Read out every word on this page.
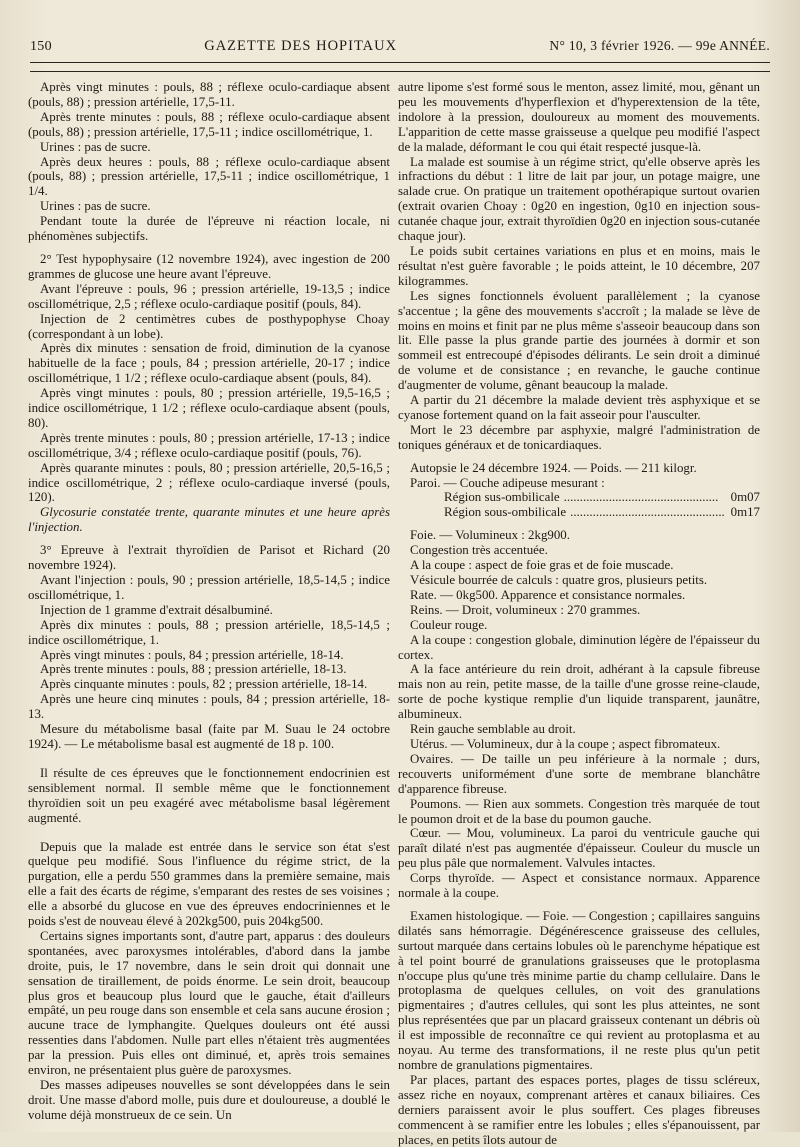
150	GAZETTE DES HOPITAUX	N° 10, 3 février 1926. — 99e ANNÉE.

Après vingt minutes : pouls, 88 ; réflexe oculo-cardiaque absent (pouls, 88) ; pression artérielle, 17,5-11.

Après trente minutes : pouls, 88 ; réflexe oculo-cardiaque absent (pouls, 88) ; pression artérielle, 17,5-11 ; indice oscillométrique, 1.

Urines : pas de sucre.

Après deux heures : pouls, 88 ; réflexe oculo-cardiaque absent (pouls, 88) ; pression artérielle, 17,5-11 ; indice oscillométrique, 1 1/4.

Urines : pas de sucre.

Pendant toute la durée de l'épreuve ni réaction locale, ni phénomènes subjectifs.

2° Test hypophysaire (12 novembre 1924), avec ingestion de 200 grammes de glucose une heure avant l'épreuve.

Avant l'épreuve : pouls, 96 ; pression artérielle, 19-13,5 ; indice oscillométrique, 2,5 ; réflexe oculo-cardiaque positif (pouls, 84).

Injection de 2 centimètres cubes de posthypophyse Choay (correspondant à un lobe).

Après dix minutes : sensation de froid, diminution de la cyanose habituelle de la face ; pouls, 84 ; pression artérielle, 20-17 ; indice oscillométrique, 1 1/2 ; réflexe oculo-cardiaque absent (pouls, 84).

Après vingt minutes : pouls, 80 ; pression artérielle, 19,5-16,5 ; indice oscillométrique, 1 1/2 ; réflexe oculo-cardiaque absent (pouls, 80).

Après trente minutes : pouls, 80 ; pression artérielle, 17-13 ; indice oscillométrique, 3/4 ; réflexe oculo-cardiaque positif (pouls, 76).

Après quarante minutes : pouls, 80 ; pression artérielle, 20,5-16,5 ; indice oscillométrique, 2 ; réflexe oculo-cardiaque inversé (pouls, 120).

Glycosurie constatée trente, quarante minutes et une heure après l'injection.

3° Epreuve à l'extrait thyroïdien de Parisot et Richard (20 novembre 1924).

Avant l'injection : pouls, 90 ; pression artérielle, 18,5-14,5 ; indice oscillométrique, 1.

Injection de 1 gramme d'extrait désalbuminé.

Après dix minutes : pouls, 88 ; pression artérielle, 18,5-14,5 ; indice oscillométrique, 1.

Après vingt minutes : pouls, 84 ; pression artérielle, 18-14.

Après trente minutes : pouls, 88 ; pression artérielle, 18-13.

Après cinquante minutes : pouls, 82 ; pression artérielle, 18-14.

Après une heure cinq minutes : pouls, 84 ; pression artérielle, 18-13.

Mesure du métabolisme basal (faite par M. Suau le 24 octobre 1924). — Le métabolisme basal est augmenté de 18 p. 100.

Il résulte de ces épreuves que le fonctionnement endocrinien est sensiblement normal. Il semble même que le fonctionnement thyroïdien soit un peu exagéré avec métabolisme basal légèrement augmenté.

Depuis que la malade est entrée dans le service son état s'est quelque peu modifié. Sous l'influence du régime strict, de la purgation, elle a perdu 550 grammes dans la première semaine, mais elle a fait des écarts de régime, s'emparant des restes de ses voisines ; elle a absorbé du glucose en vue des épreuves endocriniennes et le poids s'est de nouveau élevé à 202kg500, puis 204kg500.

Certains signes importants sont, d'autre part, apparus : des douleurs spontanées, avec paroxysmes intolérables, d'abord dans la jambe droite, puis, le 17 novembre, dans le sein droit qui donnait une sensation de tiraillement, de poids énorme. Le sein droit, beaucoup plus gros et beaucoup plus lourd que le gauche, était d'ailleurs empâté, un peu rouge dans son ensemble et cela sans aucune érosion ; aucune trace de lymphangite. Quelques douleurs ont été aussi ressenties dans l'abdomen. Nulle part elles n'étaient très augmentées par la pression. Puis elles ont diminué, et, après trois semaines environ, ne présentaient plus guère de paroxysmes.

Des masses adipeuses nouvelles se sont développées dans le sein droit. Une masse d'abord molle, puis dure et douloureuse, a doublé le volume déjà monstrueux de ce sein. Un

autre lipome s'est formé sous le menton, assez limité, mou, gênant un peu les mouvements d'hyperflexion et d'hyperextension de la tête, indolore à la pression, douloureux au moment des mouvements. L'apparition de cette masse graisseuse a quelque peu modifié l'aspect de la malade, déformant le cou qui était respecté jusque-là.

La malade est soumise à un régime strict, qu'elle observe après les infractions du début : 1 litre de lait par jour, un potage maigre, une salade crue. On pratique un traitement opothérapique surtout ovarien (extrait ovarien Choay : 0g20 en ingestion, 0g10 en injection sous-cutanée chaque jour, extrait thyroïdien 0g20 en injection sous-cutanée chaque jour).

Le poids subit certaines variations en plus et en moins, mais le résultat n'est guère favorable ; le poids atteint, le 10 décembre, 207 kilogrammes.

Les signes fonctionnels évoluent parallèlement ; la cyanose s'accentue ; la gêne des mouvements s'accroît ; la malade se lève de moins en moins et finit par ne plus même s'asseoir beaucoup dans son lit. Elle passe la plus grande partie des journées à dormir et son sommeil est entrecoupé d'épisodes délirants. Le sein droit a diminué de volume et de consistance ; en revanche, le gauche continue d'augmenter de volume, gênant beaucoup la malade.

A partir du 21 décembre la malade devient très asphyxique et se cyanose fortement quand on la fait asseoir pour l'ausculter.

Mort le 23 décembre par asphyxie, malgré l'administration de toniques généraux et de tonicardiaques.

Autopsie le 24 décembre 1924. — Poids. — 211 kilogr.

Paroi. — Couche adipeuse mesurant :

Région sus-ombilicale .....	0m07
Région sous-ombilicale .....	0m17

Foie. — Volumineux : 2kg900.

Congestion très accentuée.

A la coupe : aspect de foie gras et de foie muscade.

Vésicule bourrée de calculs : quatre gros, plusieurs petits.

Rate. — 0kg500. Apparence et consistance normales.

Reins. — Droit, volumineux : 270 grammes.

Couleur rouge.

A la coupe : congestion globale, diminution légère de l'épaisseur du cortex.

A la face antérieure du rein droit, adhérant à la capsule fibreuse mais non au rein, petite masse, de la taille d'une grosse reine-claude, sorte de poche kystique remplie d'un liquide transparent, jaunâtre, albumineux.

Rein gauche semblable au droit.

Utérus. — Volumineux, dur à la coupe ; aspect fibromateux.

Ovaires. — De taille un peu inférieure à la normale ; durs, recouverts uniformément d'une sorte de membrane blanchâtre d'apparence fibreuse.

Poumons. — Rien aux sommets. Congestion très marquée de tout le poumon droit et de la base du poumon gauche.

Cœur. — Mou, volumineux. La paroi du ventricule gauche qui paraît dilaté n'est pas augmentée d'épaisseur. Couleur du muscle un peu plus pâle que normalement. Valvules intactes.

Corps thyroïde. — Aspect et consistance normaux. Apparence normale à la coupe.

Examen histologique. — Foie. — Congestion ; capillaires sanguins dilatés sans hémorragie. Dégénérescence graisseuse des cellules, surtout marquée dans certains lobules où le parenchyme hépatique est à tel point bourré de granulations graisseuses que le protoplasma n'occupe plus qu'une très minime partie du champ cellulaire. Dans le protoplasma de quelques cellules, on voit des granulations pigmentaires ; d'autres cellules, qui sont les plus atteintes, ne sont plus représentées que par un placard graisseux contenant un débris où il est impossible de reconnaître ce qui revient au protoplasma et au noyau. Au terme des transformations, il ne reste plus qu'un petit nombre de granulations pigmentaires.

Par places, partant des espaces portes, plages de tissu scléreux, assez riche en noyaux, comprenant artères et canaux biliaires. Ces derniers paraissent avoir le plus souffert. Ces plages fibreuses commencent à se ramifier entre les lobules ; elles s'épanouissent, par places, en petits îlots autour de
